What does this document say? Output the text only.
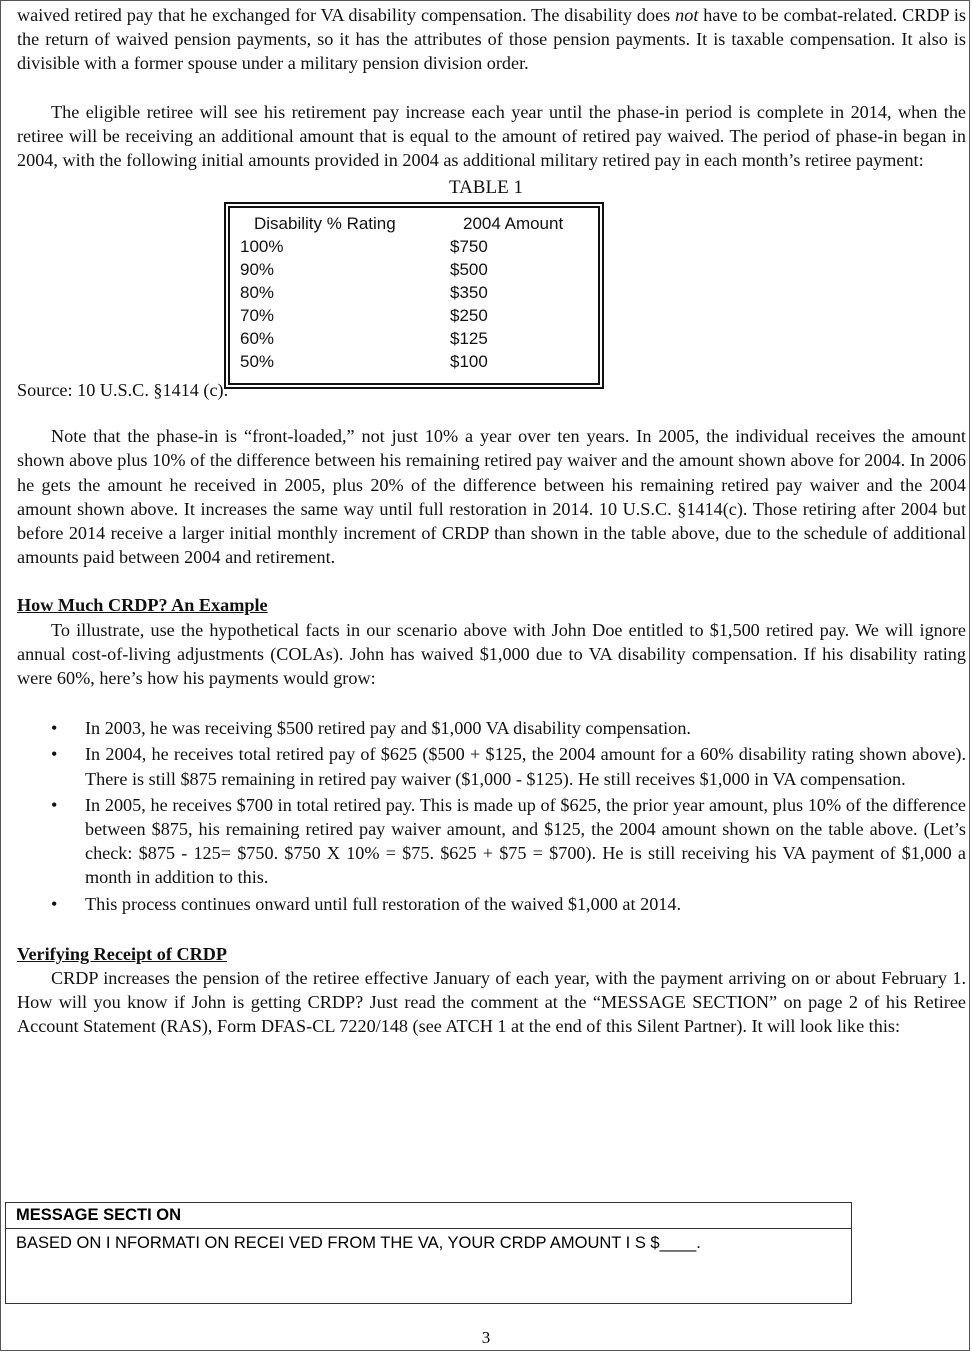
waived retired pay that he exchanged for VA disability compensation. The disability does not have to be combat-related. CRDP is the return of waived pension payments, so it has the attributes of those pension payments. It is taxable compensation. It also is divisible with a former spouse under a military pension division order.

The eligible retiree will see his retirement pay increase each year until the phase-in period is complete in 2014, when the retiree will be receiving an additional amount that is equal to the amount of retired pay waived. The period of phase-in began in 2004, with the following initial amounts provided in 2004 as additional military retired pay in each month’s retiree payment:

TABLE 1
Disability % Rating	2004 Amount
100%	$750
90%	$500
80%	$350
70%	$250
60%	$125
50%	$100
Source: 10 U.S.C. §1414 (c).

Note that the phase-in is “front-loaded,” not just 10% a year over ten years. In 2005, the individual receives the amount shown above plus 10% of the difference between his remaining retired pay waiver and the amount shown above for 2004. In 2006 he gets the amount he received in 2005, plus 20% of the difference between his remaining retired pay waiver and the 2004 amount shown above. It increases the same way until full restoration in 2014. 10 U.S.C. §1414(c). Those retiring after 2004 but before 2014 receive a larger initial monthly increment of CRDP than shown in the table above, due to the schedule of additional amounts paid between 2004 and retirement.

How Much CRDP? An Example

To illustrate, use the hypothetical facts in our scenario above with John Doe entitled to $1,500 retired pay. We will ignore annual cost-of-living adjustments (COLAs). John has waived $1,000 due to VA disability compensation. If his disability rating were 60%, here’s how his payments would grow:

• In 2003, he was receiving $500 retired pay and $1,000 VA disability compensation.
• In 2004, he receives total retired pay of $625 ($500 + $125, the 2004 amount for a 60% disability rating shown above). There is still $875 remaining in retired pay waiver ($1,000 - $125). He still receives $1,000 in VA compensation.
• In 2005, he receives $700 in total retired pay. This is made up of $625, the prior year amount, plus 10% of the difference between $875, his remaining retired pay waiver amount, and $125, the 2004 amount shown on the table above. (Let’s check: $875 - 125= $750. $750 X 10% = $75. $625 + $75 = $700). He is still receiving his VA payment of $1,000 a month in addition to this.
• This process continues onward until full restoration of the waived $1,000 at 2014.

Verifying Receipt of CRDP

CRDP increases the pension of the retiree effective January of each year, with the payment arriving on or about February 1. How will you know if John is getting CRDP? Just read the comment at the “MESSAGE SECTION” on page 2 of his Retiree Account Statement (RAS), Form DFAS-CL 7220/148 (see ATCH 1 at the end of this Silent Partner). It will look like this:

MESSAGE SECTI ON
BASED ON I NFORMATI ON RECEI VED FROM THE VA, YOUR CRDP AMOUNT I S $____.
3
